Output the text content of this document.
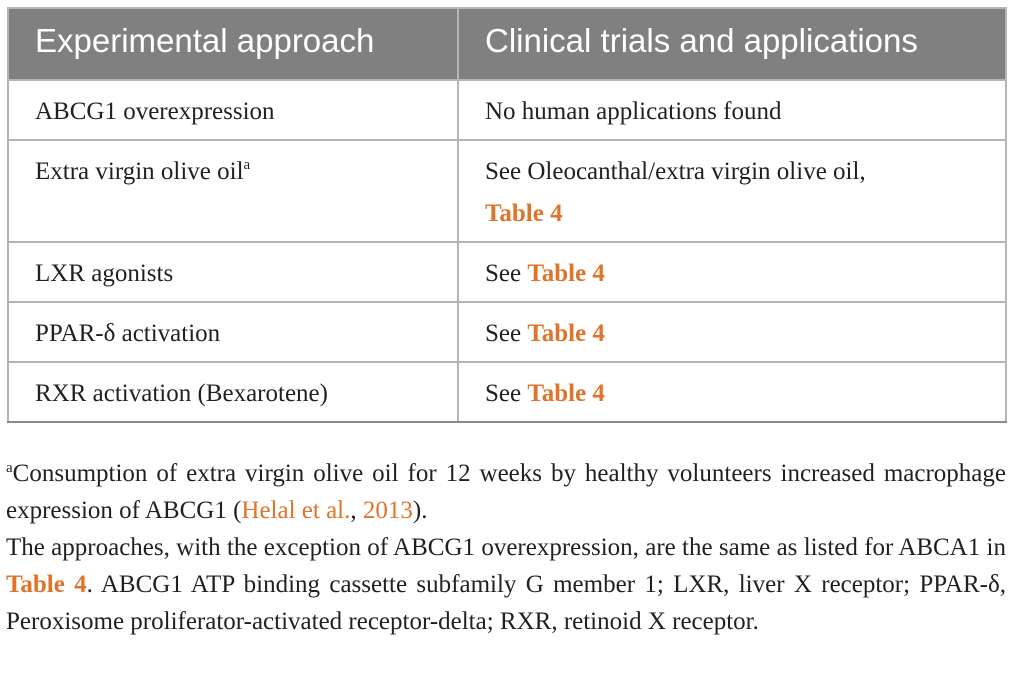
Experimental approach	Clinical trials and applications
ABCG1 overexpression	No human applications found
Extra virgin olive oil$^a$	See Oleocanthal/extra virgin olive oil,
Table 4
LXR agonists	See Table 4
PPAR-δ activation	See Table 4
RXR activation (Bexarotene)	See Table 4

$^a$Consumption of extra virgin olive oil for 12 weeks by healthy volunteers increased macrophage expression of ABCG1 (Helal et al., 2013).

The approaches, with the exception of ABCG1 overexpression, are the same as listed for ABCA1 in Table 4. ABCG1 ATP binding cassette subfamily G member 1; LXR, liver X receptor; PPAR-δ, Peroxisome proliferator-activated receptor-delta; RXR, retinoid X receptor.
